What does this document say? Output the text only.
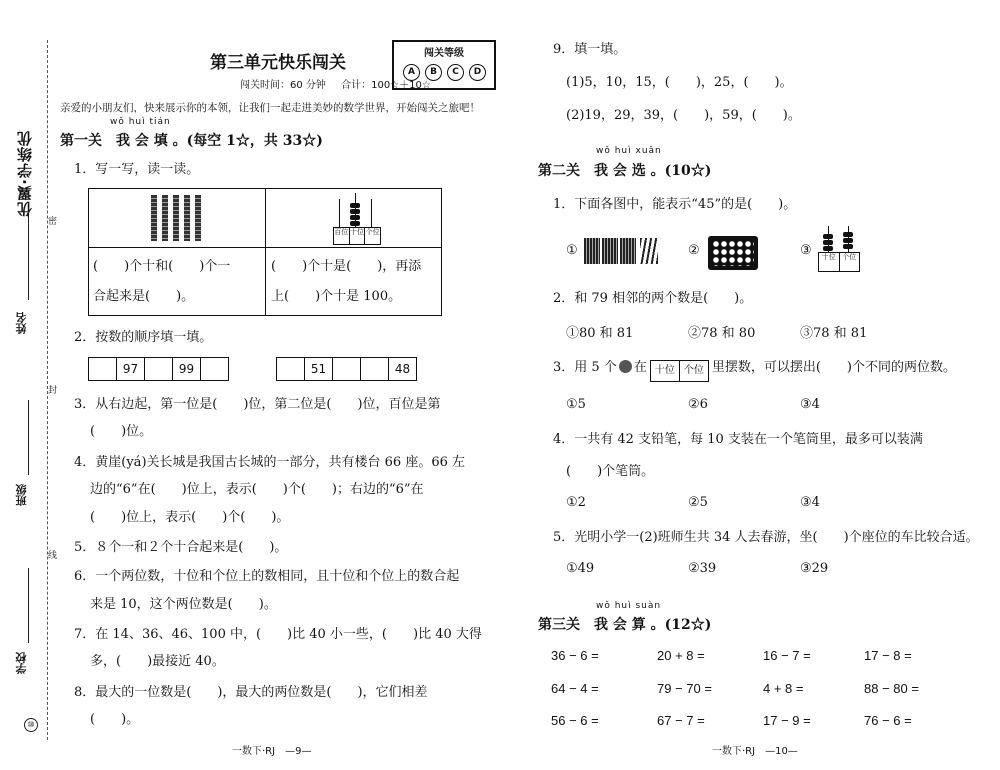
优翼·学练优
姓名
班级
学校
密
封
线
⑩
第三单元快乐闯关
闯关时间：60 分钟 合计：100☆＋10☆
闯关等级
A	B	C	D
亲爱的小朋友们，快来展示你的本领，让我们一起走进美妙的数学世界，开始闯关之旅吧！
wǒ huì tián
第一关　我 会 填 。(每空 1☆，共 33☆)
1．写一写，读一读。
百位 十位 个位
(　　)个十和(　　)个一
合起来是(　　)。
(　　)个十是(　　)，再添
上(　　)个十是 100。
2．按数的顺序填一填。
	97		99	
		51			48
3．从右边起，第一位是(　　)位，第二位是(　　)位，百位是第
(　　)位。
4．黄崖(yá)关长城是我国古长城的一部分，共有楼台 66 座。66 左
边的“6”在(　　)位上，表示(　　)个(　　)；右边的“6”在
(　　)位上，表示(　　)个(　　)。
5．８个一和２个十合起来是(　　)。
6．一个两位数，十位和个位上的数相同，且十位和个位上的数合起
来是 10，这个两位数是(　　)。
7．在 14、36、46、100 中，(　　)比 40 小一些，(　　)比 40 大得
多，(　　)最接近 40。
8．最大的一位数是(　　)，最大的两位数是(　　)，它们相差
(　　)。
一数下·RJ　—9—
9．填一填。
(1)5，10，15，(　　)，25，(　　)。
(2)19，29，39，(　　)，59，(　　)。
wǒ huì xuǎn
第二关　我 会 选 。(10☆)
1．下面各图中，能表示“45”的是(　　)。
①	②	③	十位 个位
2．和 79 相邻的两个数是(　　)。
①80 和 81	②78 和 80	③78 和 81
3．用 5 个 在 十位 个位 里摆数，可以摆出(　　)个不同的两位数。
①5	②6	③4
4．一共有 42 支铅笔，每 10 支装在一个笔筒里，最多可以装满
(　　)个笔筒。
①2	②5	③4
5．光明小学一(2)班师生共 34 人去春游，坐(　　)个座位的车比较合适。
①49	②39	③29
wǒ huì suàn
第三关　我 会 算 。(12☆)
36 − 6 =	20 + 8 =	16 − 7 =	17 − 8 =
64 − 4 =	79 − 70 =	4 + 8 =	88 − 80 =
56 − 6 =	67 − 7 =	17 − 9 =	76 − 6 =
一数下·RJ　—10—
